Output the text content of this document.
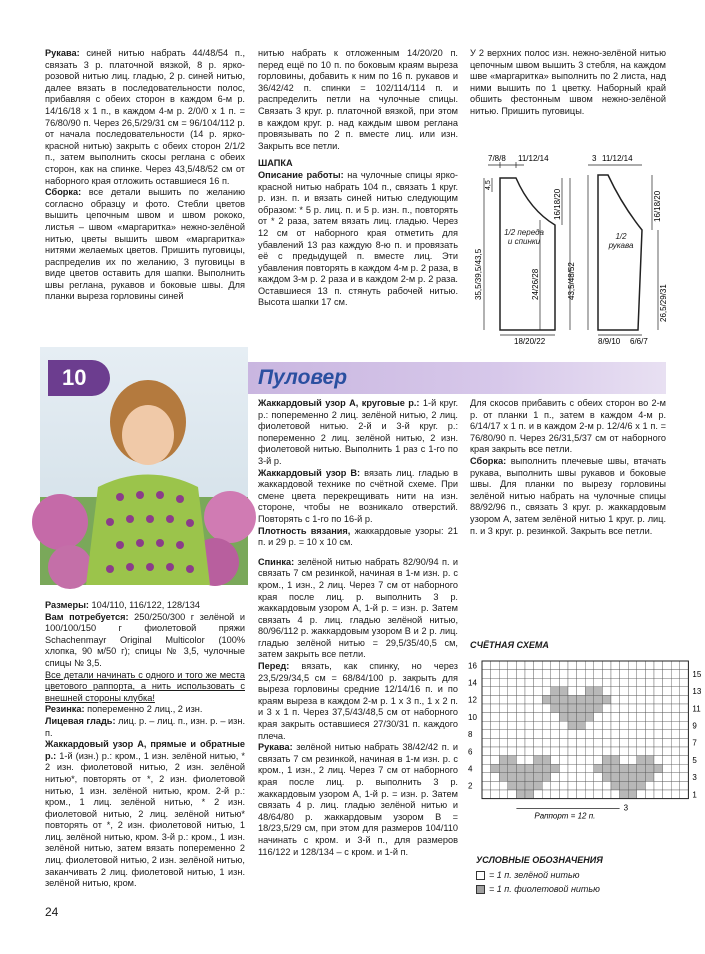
Рукава: синей нитью набрать 44/48/54 п., связать 3 р. платочной вязкой, 8 р. ярко-розовой нитью лиц. гладью, 2 р. синей нитью, далее вязать в последовательности полос, прибавляя с обеих сторон в каждом 6-м р. 14/16/18 х 1 п., в каждом 4-м р. 2/0/0 х 1 п. = 76/80/90 п. Через 26,5/29/31 см = 96/104/112 р. от начала последовательности (14 р. ярко-красной нитью) закрыть с обеих сторон 2/1/2 п., затем выполнить скосы реглана с обеих сторон, как на спинке. Через 43,5/48/52 см от наборного края отложить оставшиеся 16 п.

Сборка: все детали вышить по желанию согласно образцу и фото. Стебли цветов вышить цепочным швом и швом рококо, листья – швом «маргаритка» нежно-зелёной нитью, цветы вышить швом «маргаритка» нитями желаемых цветов. Пришить пуговицы, распределив их по желанию, 3 пуговицы в виде цветов оставить для шапки. Выполнить швы реглана, рукавов и боковые швы. Для планки выреза горловины синей

нитью набрать к отложенным 14/20/20 п. перед ещё по 10 п. по боковым краям выреза горловины, добавить к ним по 16 п. рукавов и 36/42/42 п. спинки = 102/114/114 п. и распределить петли на чулочные спицы. Связать 3 круг. р. платочной вязкой, при этом в каждом круг. р. над каждым швом реглана провязывать по 2 п. вместе лиц. или изн. Закрыть все петли.

ШАПКА

Описание работы: на чулочные спицы ярко-красной нитью набрать 104 п., связать 1 круг. р. изн. п. и вязать синей нитью следующим образом: * 5 р. лиц. п. и 5 р. изн. п., повторять от * 2 раза, затем вязать лиц. гладью. Через 12 см от наборного края отметить для убавлений 13 раз каждую 8-ю п. и провязать её с предыдущей п. вместе лиц. Эти убавления повторять в каждом 4-м р. 2 раза, в каждом 3-м р. 2 раза и в каждом 2-м р. 2 раза. Оставшиеся 13 п. стянуть рабочей нитью. Высота шапки 17 см.

У 2 верхних полос изн. нежно-зелёной нитью цепочным швом вышить 3 стебля, на каждом шве «маргаритка» выполнить по 2 листа, над ними вышить по 1 цветку. Наборный край обшить фестонным швом нежно-зелёной нитью. Пришить пуговицы.

7/8/8 11/12/14
4,5
35,5/39,5/43,5	24/26/28
16/18/20
43,5/48/52
1/2 переда и спинки
18/20/22
3 11/12/14
16/18/20
26,5/29/31
1/2 рукава
8/9/10 6/6/7
10	Пуловер

Размеры: 104/110, 116/122, 128/134

Вам потребуется: 250/250/300 г зелёной и 100/100/150 г фиолетовой пряжи Schachenmayr Original Multicolor (100% хлопка, 90 м/50 г); спицы № 3,5, чулочные спицы № 3,5.

Все детали начинать с одного и того же места цветового раппорта, а нить использовать с внешней стороны клубка!

Резинка: попеременно 2 лиц., 2 изн.

Лицевая гладь: лиц. р. – лиц. п., изн. р. – изн. п.

Жаккардовый узор А, прямые и обратные р.: 1-й (изн.) р.: кром., 1 изн. зелёной нитью, * 2 изн. фиолетовой нитью, 2 изн. зелёной нитью*, повторять от *, 2 изн. фиолетовой нитью, 1 изн. зелёной нитью, кром. 2-й р.: кром., 1 лиц. зелёной нитью, * 2 изн. фиолетовой нитью, 2 лиц. зелёной нитью* повторять от *, 2 изн. фиолетовой нитью, 1 лиц. зелёной нитью, кром. 3-й р.: кром., 1 изн. зелёной нитью, затем вязать попеременно 2 лиц. фиолетовой нитью, 2 изн. зелёной нитью, заканчивать 2 лиц. фиолетовой нитью, 1 изн. зелёной нитью, кром.

Жаккардовый узор А, круговые р.: 1-й круг. р.: попеременно 2 лиц. зелёной нитью, 2 лиц. фиолетовой нитью. 2-й и 3-й круг. р.: попеременно 2 лиц. зелёной нитью, 2 изн. фиолетовой нитью. Выполнить 1 раз с 1-го по 3-й р.

Жаккардовый узор В: вязать лиц. гладью в жаккардовой технике по счётной схеме. При смене цвета перекрещивать нити на изн. стороне, чтобы не возникало отверстий. Повторять с 1-го по 16-й р.

Плотность вязания, жаккардовые узоры: 21 п. и 29 р. = 10 х 10 см.

Спинка: зелёной нитью набрать 82/90/94 п. и связать 7 см резинкой, начиная в 1-м изн. р. с кром., 1 изн., 2 лиц. Через 7 см от наборного края после лиц. р. выполнить 3 р. жаккардовым узором А, 1-й р. = изн. р. Затем связать 4 р. лиц. гладью зелёной нитью, 80/96/112 р. жаккардовым узором В и 2 р. лиц. гладью зелёной нитью = 29,5/35/40,5 см, затем закрыть все петли.

Перед: вязать, как спинку, но через 23,5/29/34,5 см = 68/84/100 р. закрыть для выреза горловины средние 12/14/16 п. и по краям выреза в каждом 2-м р. 1 х 3 п., 1 х 2 п. и 3 х 1 п. Через 37,5/43/48,5 см от наборного края закрыть оставшиеся 27/30/31 п. каждого плеча.

Рукава: зелёной нитью набрать 38/42/42 п. и связать 7 см резинкой, начиная в 1-м изн. р. с кром., 1 изн., 2 лиц. Через 7 см от наборного края после лиц. р. выполнить 3 р. жаккардовым узором А, 1-й р. = изн. р. Затем связать 4 р. лиц. гладью зелёной нитью и 48/64/80 р. жаккардовым узором В = 18/23,5/29 см, при этом для размеров 104/110 начинать с кром. и 3-й п., для размеров 116/122 и 128/134 – с кром. и 1-й п.

Для скосов прибавить с обеих сторон во 2-м р. от планки 1 п., затем в каждом 4-м р. 6/14/17 х 1 п. и в каждом 2-м р. 12/4/6 х 1 п. = 76/80/90 п. Через 26/31,5/37 см от наборного края закрыть все петли.

Сборка: выполнить плечевые швы, втачать рукава, выполнить швы рукавов и боковые швы. Для планки по вырезу горловины зелёной нитью набрать на чулочные спицы 88/92/96 п., связать 3 круг. р. жаккардовым узором А, затем зелёной нитью 1 круг. р. лиц. п. и 3 круг. р. резинкой. Закрыть все петли.

СЧЁТНАЯ СХЕМА
16
14
12
10
8
6
4
2
15
13
11
9
7
5
3
1
Раппорт = 12 п.
3
УСЛОВНЫЕ ОБОЗНАЧЕНИЯ
= 1 п. зелёной нитью
= 1 п. фиолетовой нитью
24
